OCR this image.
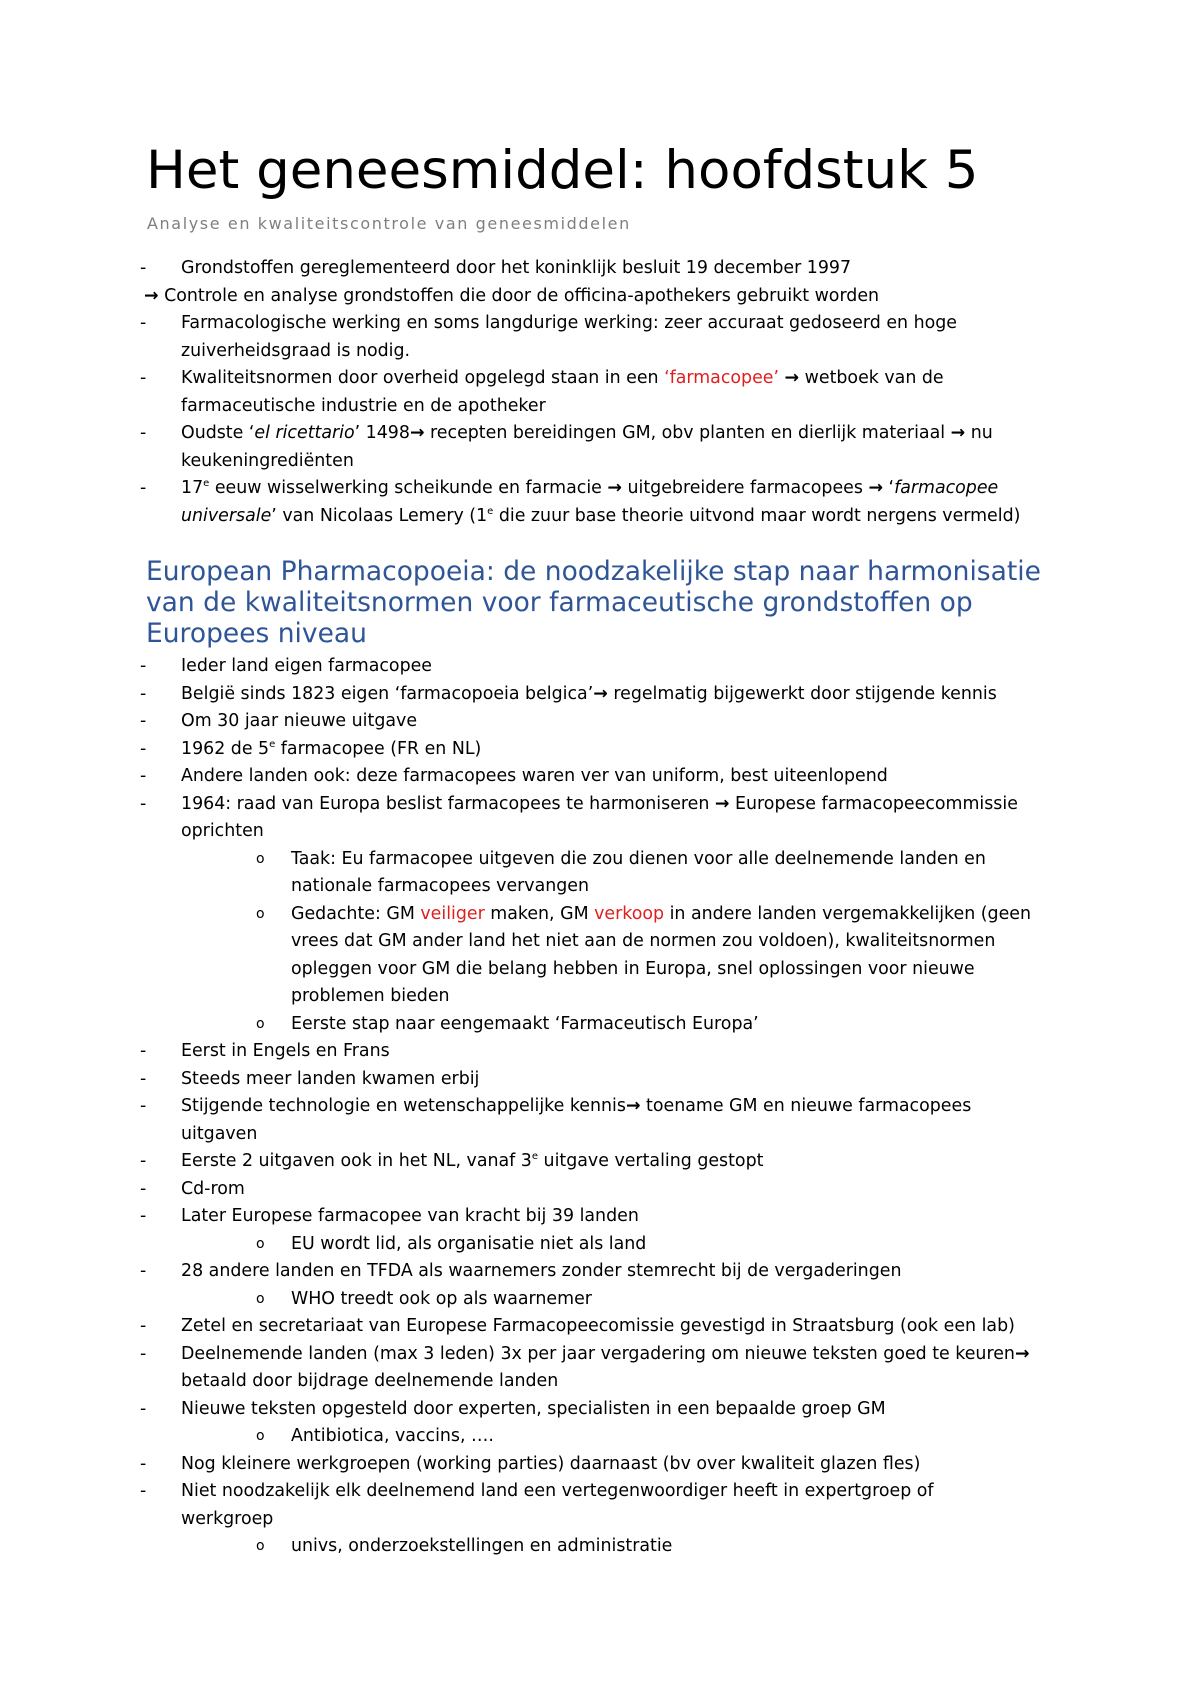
Het geneesmiddel: hoofdstuk 5
Analyse en kwaliteitscontrole van geneesmiddelen
- Grondstoffen gereglementeerd door het koninklijk besluit 19 december 1997
→ Controle en analyse grondstoffen die door de officina-apothekers gebruikt worden
- Farmacologische werking en soms langdurige werking: zeer accuraat gedoseerd en hoge
zuiverheidsgraad is nodig.
- Kwaliteitsnormen door overheid opgelegd staan in een ‘farmacopee’ → wetboek van de
farmaceutische industrie en de apotheker
- Oudste ‘el ricettario’ 1498→ recepten bereidingen GM, obv planten en dierlijk materiaal → nu
keukeningrediënten
- 17e eeuw wisselwerking scheikunde en farmacie → uitgebreidere farmacopees → ‘farmacopee
universale’ van Nicolaas Lemery (1e die zuur base theorie uitvond maar wordt nergens vermeld)
European Pharmacopoeia: de noodzakelijke stap naar harmonisatie
van de kwaliteitsnormen voor farmaceutische grondstoffen op
Europees niveau
- Ieder land eigen farmacopee
- België sinds 1823 eigen ‘farmacopoeia belgica’→ regelmatig bijgewerkt door stijgende kennis
- Om 30 jaar nieuwe uitgave
- 1962 de 5e farmacopee (FR en NL)
- Andere landen ook: deze farmacopees waren ver van uniform, best uiteenlopend
- 1964: raad van Europa beslist farmacopees te harmoniseren → Europese farmacopeecommissie
oprichten
o Taak: Eu farmacopee uitgeven die zou dienen voor alle deelnemende landen en
nationale farmacopees vervangen
o Gedachte: GM veiliger maken, GM verkoop in andere landen vergemakkelijken (geen
vrees dat GM ander land het niet aan de normen zou voldoen), kwaliteitsnormen
opleggen voor GM die belang hebben in Europa, snel oplossingen voor nieuwe
problemen bieden
o Eerste stap naar eengemaakt ‘Farmaceutisch Europa’
- Eerst in Engels en Frans
- Steeds meer landen kwamen erbij
- Stijgende technologie en wetenschappelijke kennis→ toename GM en nieuwe farmacopees
uitgaven
- Eerste 2 uitgaven ook in het NL, vanaf 3e uitgave vertaling gestopt
- Cd-rom
- Later Europese farmacopee van kracht bij 39 landen
o EU wordt lid, als organisatie niet als land
- 28 andere landen en TFDA als waarnemers zonder stemrecht bij de vergaderingen
o WHO treedt ook op als waarnemer
- Zetel en secretariaat van Europese Farmacopeecomissie gevestigd in Straatsburg (ook een lab)
- Deelnemende landen (max 3 leden) 3x per jaar vergadering om nieuwe teksten goed te keuren→
betaald door bijdrage deelnemende landen
- Nieuwe teksten opgesteld door experten, specialisten in een bepaalde groep GM
o Antibiotica, vaccins, ….
- Nog kleinere werkgroepen (working parties) daarnaast (bv over kwaliteit glazen fles)
- Niet noodzakelijk elk deelnemend land een vertegenwoordiger heeft in expertgroep of
werkgroep
o univs, onderzoekstellingen en administratie
